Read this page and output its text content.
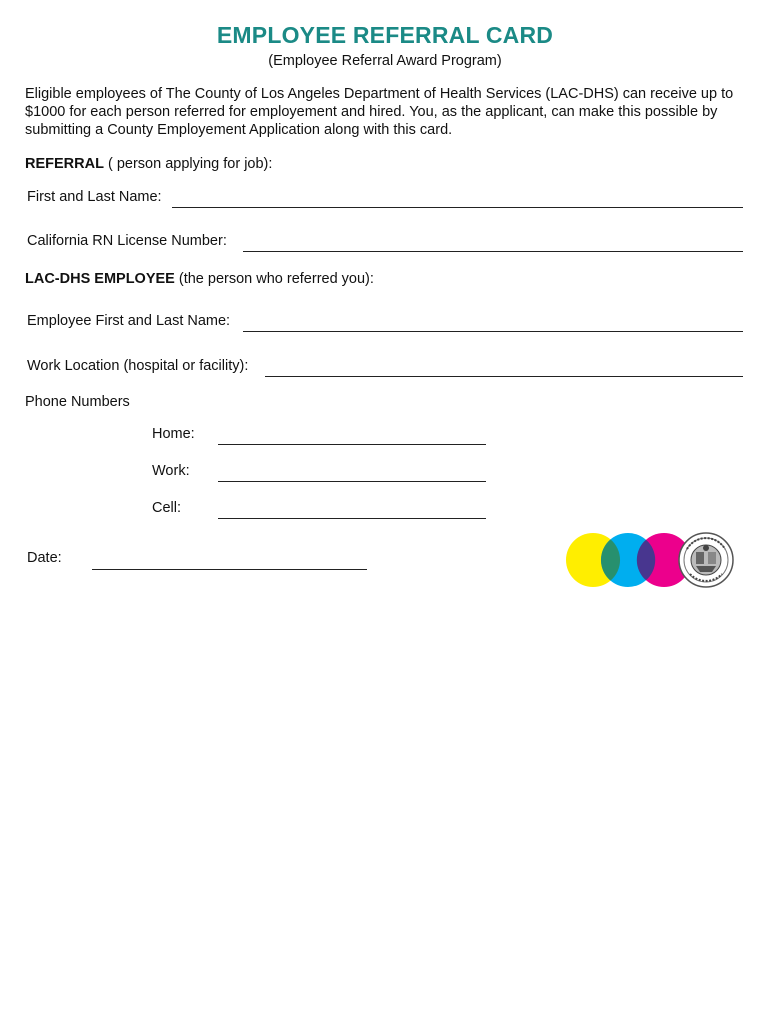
EMPLOYEE REFERRAL CARD
(Employee Referral Award Program)
Eligible employees of The County of Los Angeles Department of Health Services (LAC-DHS) can receive up to $1000 for each person referred for employement and hired. You, as the applicant, can make this possible by submitting a County Employement Application along with this card.
REFERRAL ( person applying for job):
First and Last Name:
California RN License Number:
LAC-DHS EMPLOYEE (the person who referred you):
Employee First and Last Name:
Work Location (hospital or facility):
Phone Numbers
Home:
Work:
Cell:
Date:
